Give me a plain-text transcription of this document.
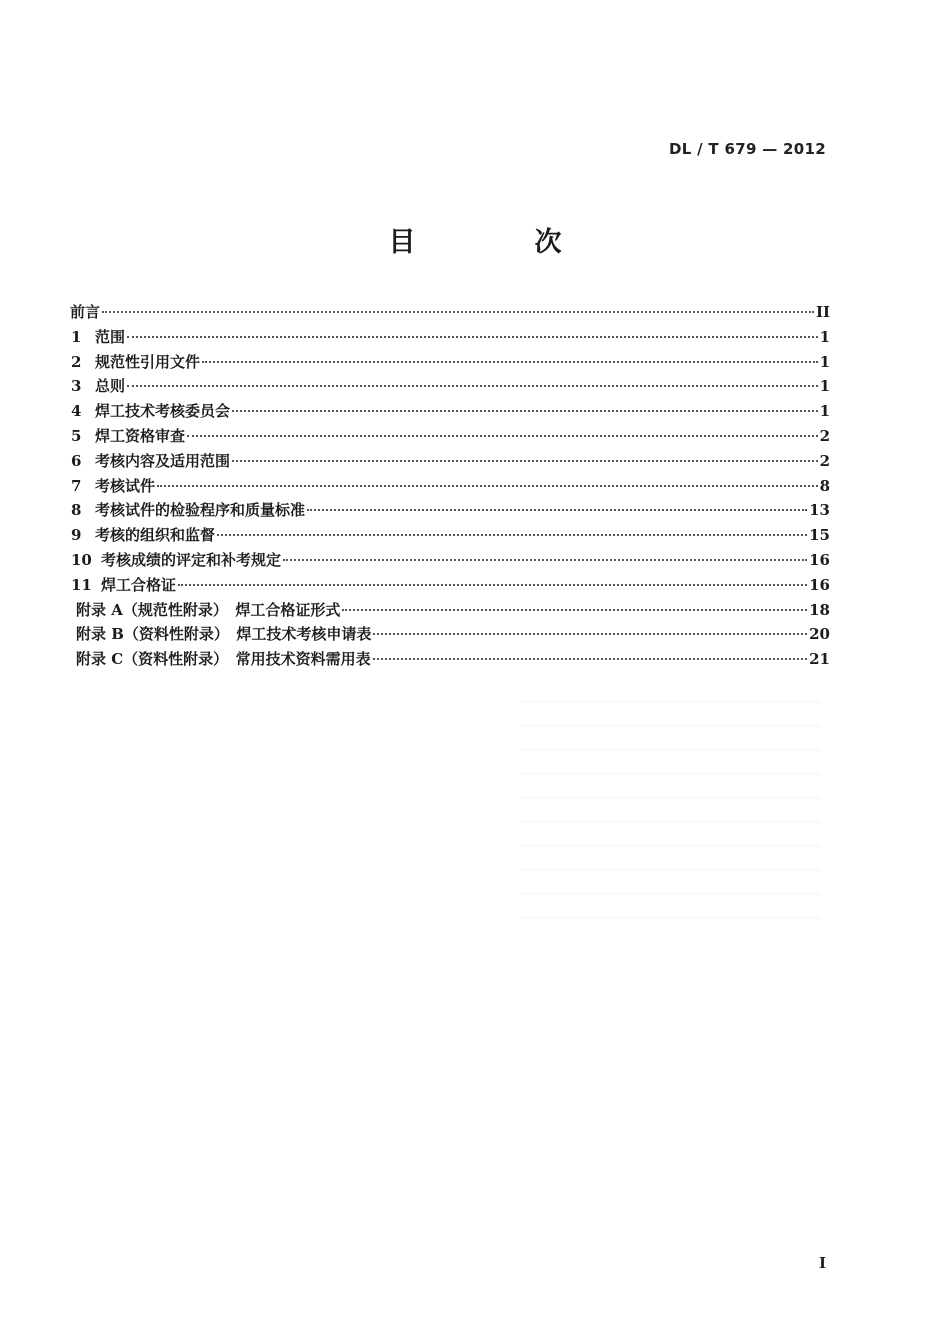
DL / T 679 — 2012
目　次
前言	II
1 范围	1
2 规范性引用文件	1
3 总则	1
4 焊工技术考核委员会	1
5 焊工资格审查	2
6 考核内容及适用范围	2
7 考核试件	8
8 考核试件的检验程序和质量标准	13
9 考核的组织和监督	15
10 考核成绩的评定和补考规定	16
11 焊工合格证	16
附录 A（规范性附录）　焊工合格证形式	18
附录 B（资料性附录）　焊工技术考核申请表	20
附录 C（资料性附录）　常用技术资料需用表	21
I
